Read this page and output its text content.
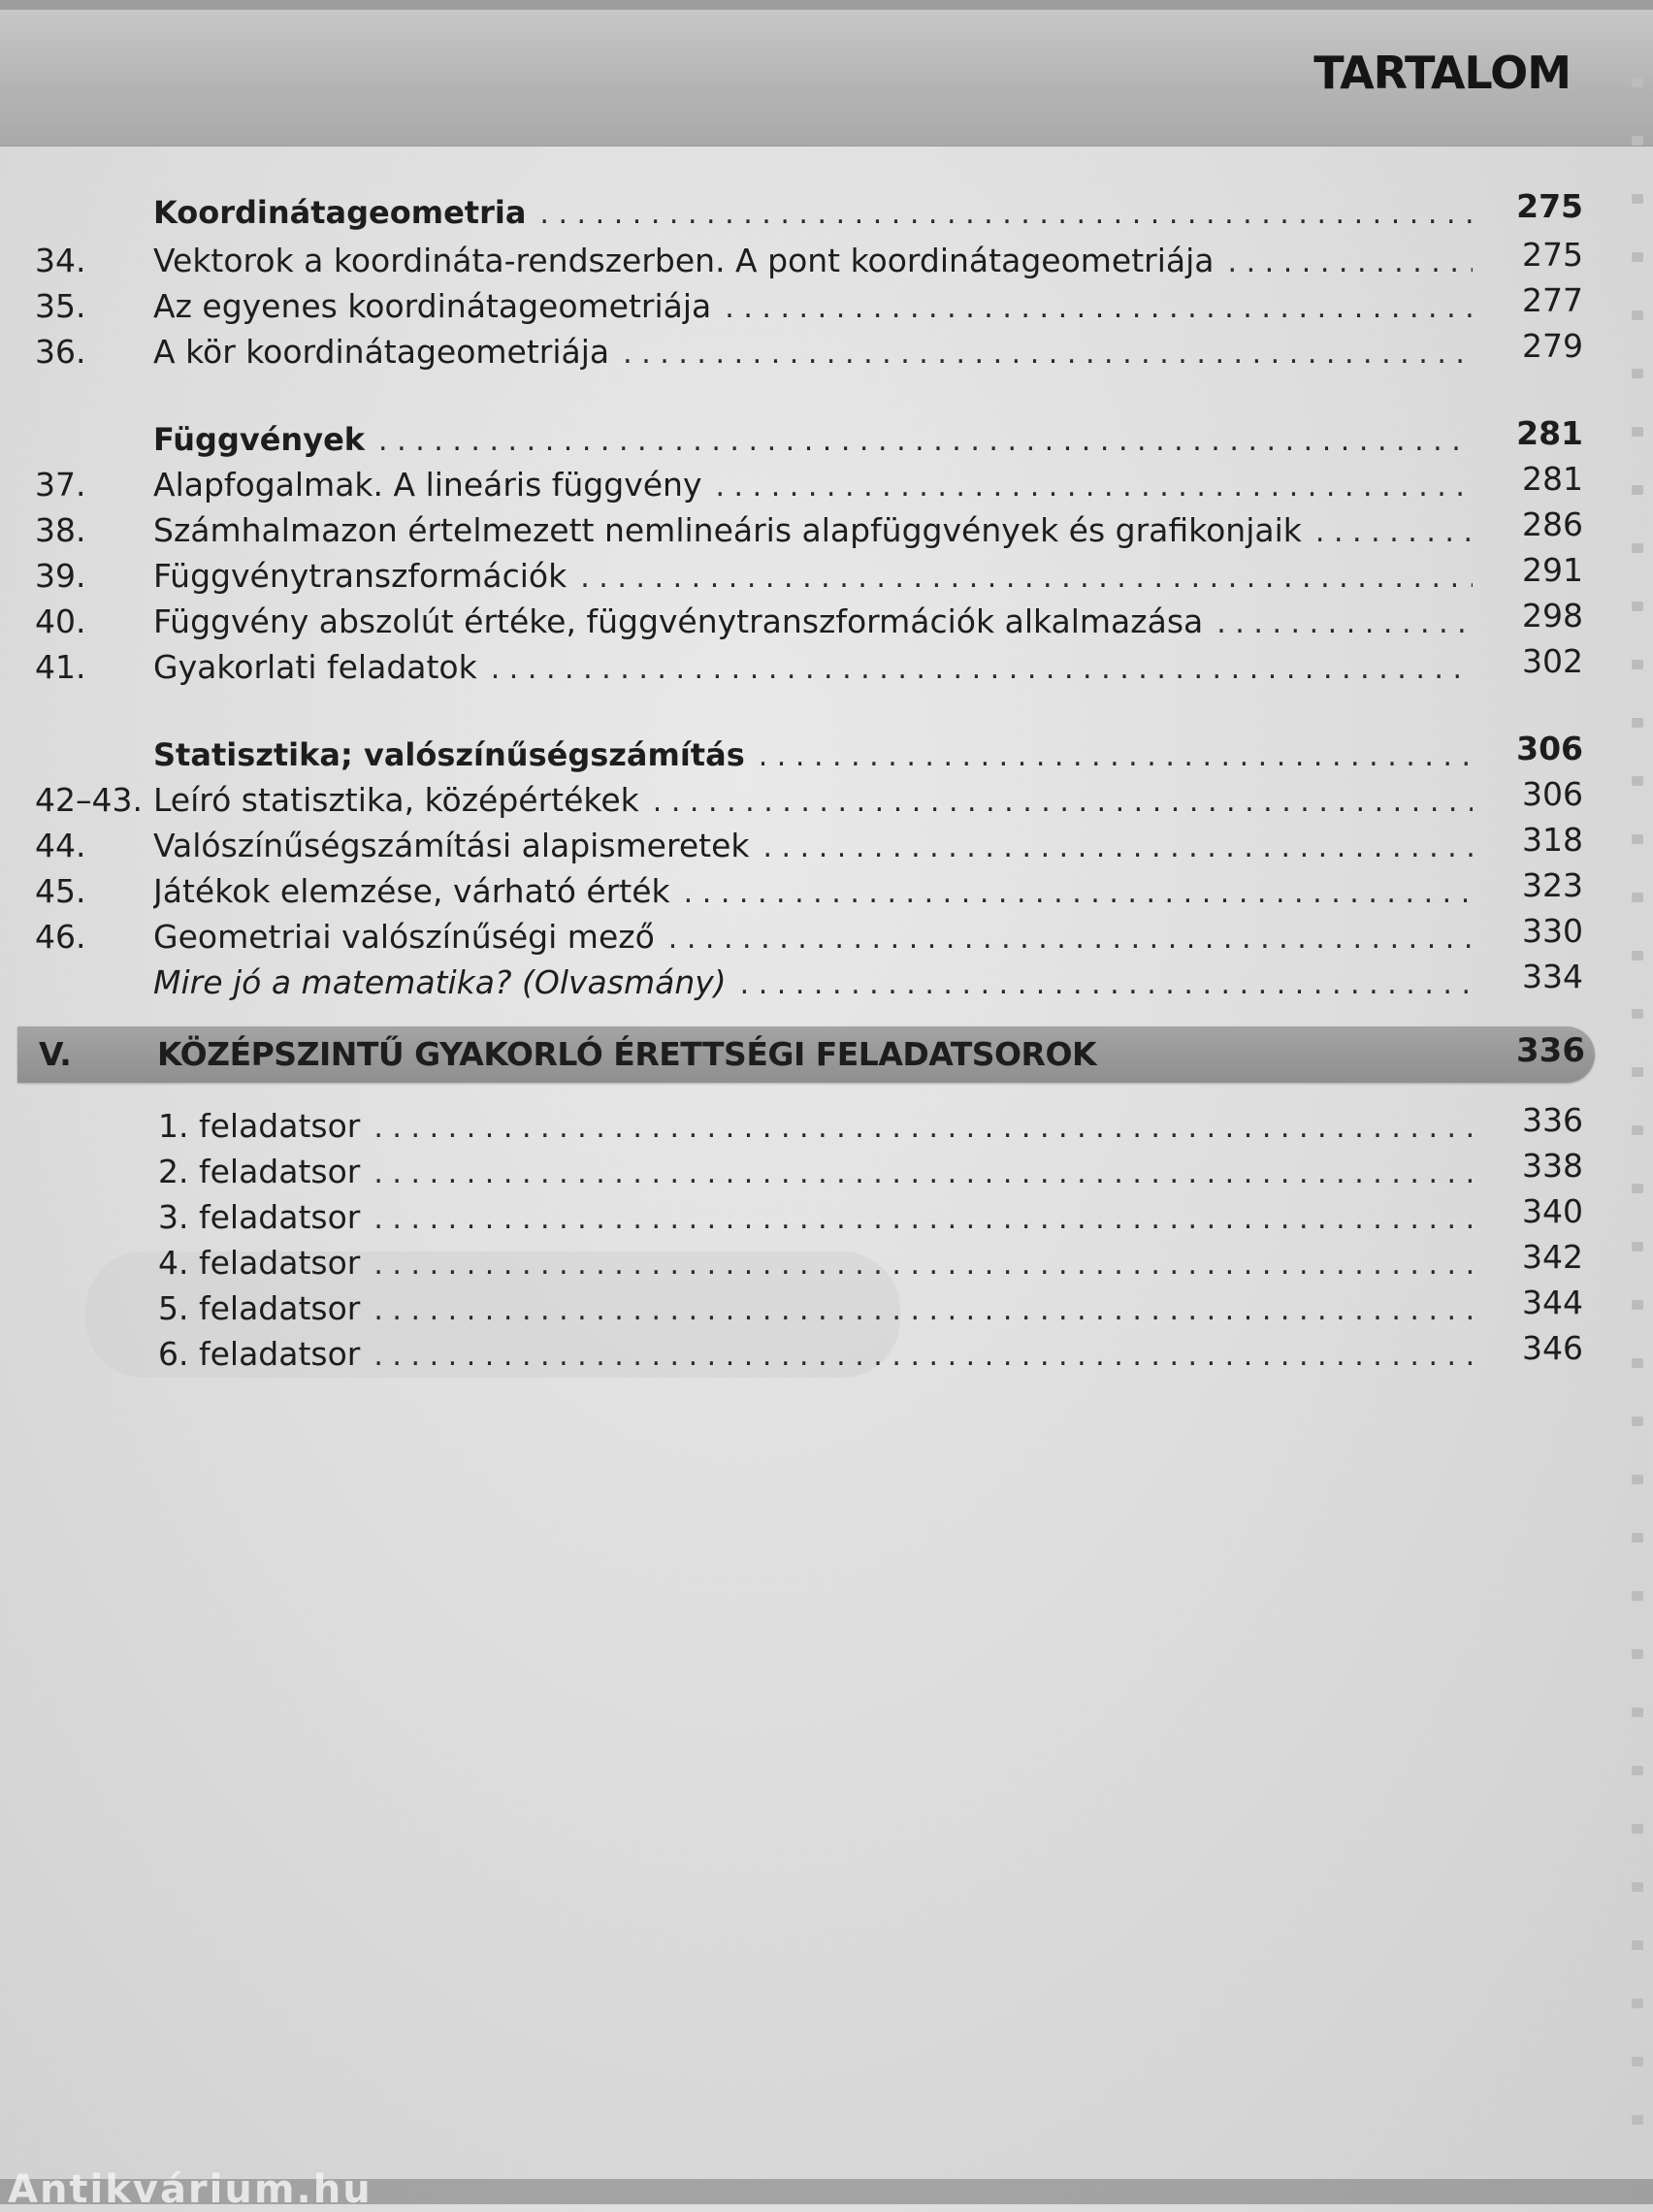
TARTALOM
Koordinátageometria . . .	275
34. Vektorok a koordináta-rendszerben. A pont koordinátageometriája . . .	275
35. Az egyenes koordinátageometriája . . .	277
36. A kör koordinátageometriája . . .	279
Függvények . . .	281
37. Alapfogalmak. A lineáris függvény . . .	281
38. Számhalmazon értelmezett nemlineáris alapfüggvények és grafikonjaik . . .	286
39. Függvénytranszformációk . . .	291
40. Függvény abszolút értéke, függvénytranszformációk alkalmazása . . .	298
41. Gyakorlati feladatok . . .	302
Statisztika; valószínűségszámítás . . .	306
42–43. Leíró statisztika, középértékek . . .	306
44. Valószínűségszámítási alapismeretek . . .	318
45. Játékok elemzése, várható érték . . .	323
46. Geometriai valószínűségi mező . . .	330
Mire jó a matematika? (Olvasmány) . . .	334
V.	KÖZÉPSZINTŰ GYAKORLÓ ÉRETTSÉGI FELADATSOROK	336
1. feladatsor . . .	336
2. feladatsor . . .	338
3. feladatsor . . .	340
4. feladatsor . . .	342
5. feladatsor . . .	344
6. feladatsor . . .	346
Antikvárium.hu
